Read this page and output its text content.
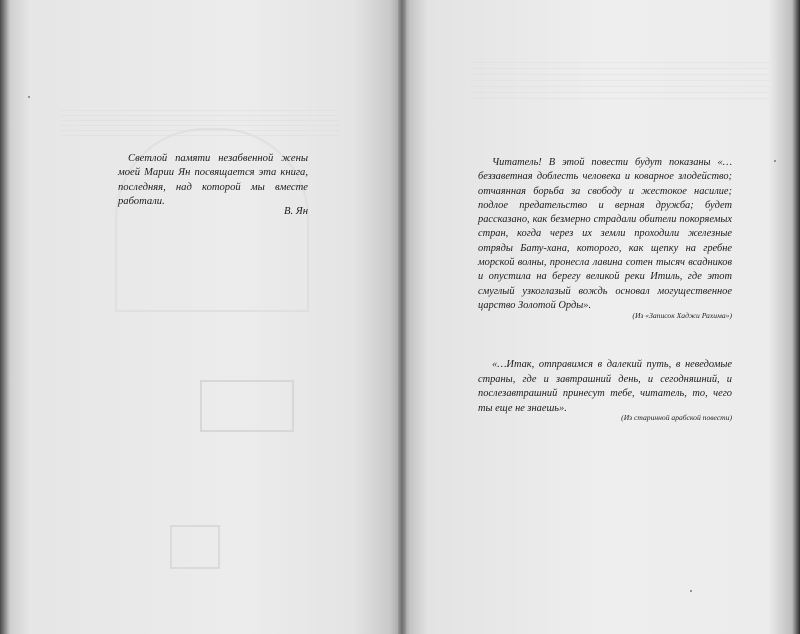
Светлой памяти незабвенной жены моей Марии Ян посвящается эта книга, последняя, над которой мы вместе работали.
В. Ян
Читатель! В этой повести будут показаны «…беззаветная доблесть человека и коварное злодейство; отчаянная борьба за свободу и жестокое насилие; подлое предательство и верная дружба; будет рассказано, как безмерно страдали обители покоряемых стран, когда через их земли проходили железные отряды Бату-хана, которого, как щепку на гребне морской волны, пронесла лавина сотен тысяч всадников и опустила на берегу великой реки Итиль, где этот смуглый узкоглазый вождь основал могущественное царство Золотой Орды».
(Из «Записок Хаджи Рахима»)
«…Итак, отправимся в далекий путь, в неведомые страны, где и завтрашний день, и сегодняшний, и послезавтрашний принесут тебе, читатель, то, чего ты еще не знаешь».
(Из старинной арабской повести)
